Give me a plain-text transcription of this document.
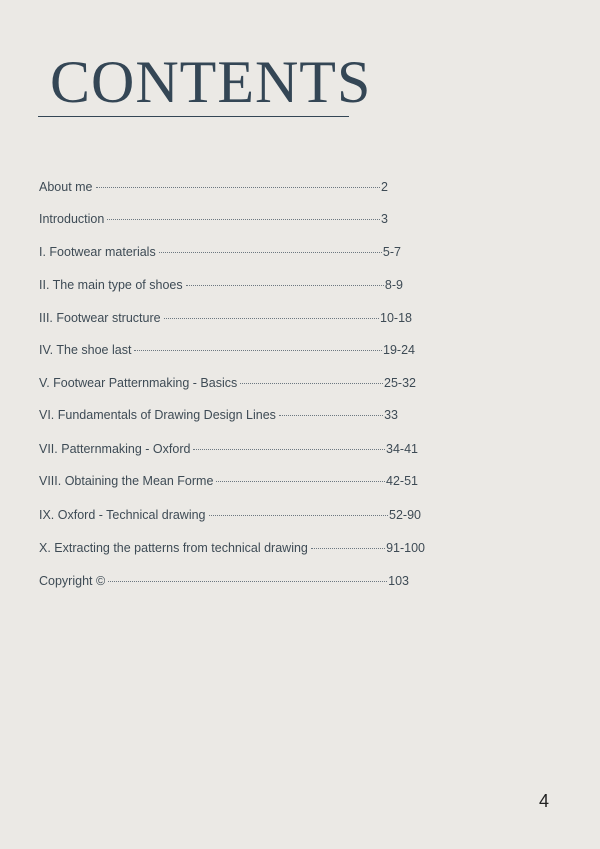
CONTENTS
About me	2
Introduction	3
I. Footwear materials	5-7
II. The main type of shoes	8-9
III. Footwear structure	10-18
IV. The shoe last	19-24
V. Footwear Patternmaking - Basics	25-32
VI. Fundamentals of Drawing Design Lines	33
VII. Patternmaking - Oxford	34-41
VIII. Obtaining the Mean Forme	42-51
IX. Oxford - Technical drawing	52-90
X. Extracting the patterns from technical drawing	91-100
Copyright ©	103
4
